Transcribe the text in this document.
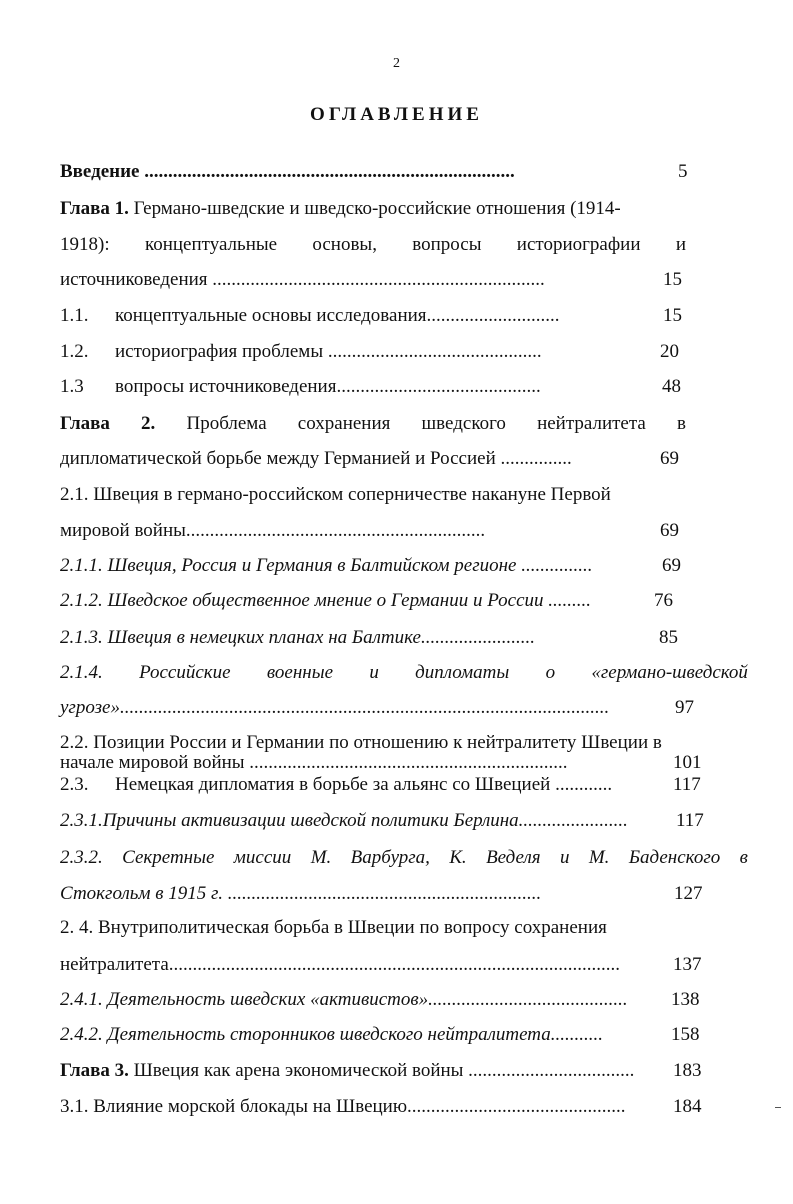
2
ОГЛАВЛЕНИЕ
Введение ..............................................................................	5
Глава 1. Германо-шведские и шведско-российские отношения (1914-
1918): концептуальные основы, вопросы историографии и
источниковедения ......................................................................	15
1.1. концептуальные основы исследования............................	15
1.2. историография проблемы .............................................	20
1.3 вопросы источниковедения...........................................	48
Глава 2. Проблема сохранения шведского нейтралитета в
дипломатической борьбе между Германией и Россией ...............	69
2.1. Швеция в германо-российском соперничестве накануне Первой
мировой войны...............................................................	69
2.1.1. Швеция, Россия и Германия в Балтийском регионе ...............	69
2.1.2. Шведское общественное мнение о Германии и России .........	76
2.1.3. Швеция в немецких планах на Балтике........................	85
2.1.4. Российские военные и дипломаты о «германо-шведской
угрозе».......................................................................................................	97
2.2. Позиции России и Германии по отношению к нейтралитету Швеции в
начале мировой войны ...................................................................	101
2.3. Немецкая дипломатия в борьбе за альянс со Швецией ............	117
2.3.1.Причины активизации шведской политики Берлина.......................	117
2.3.2. Секретные миссии М. Варбурга, К. Веделя и М. Баденского в
Стокгольм в 1915 г. ..................................................................	127
2. 4. Внутриполитическая борьба в Швеции по вопросу сохранения
нейтралитета...............................................................................................	137
2.4.1. Деятельность шведских «активистов».......................................... 138
2.4.2. Деятельность сторонников шведского нейтралитета...........	158
Глава 3. Швеция как арена экономической войны ................................... 183
3.1. Влияние морской блокады на Швецию.............................................. 184
